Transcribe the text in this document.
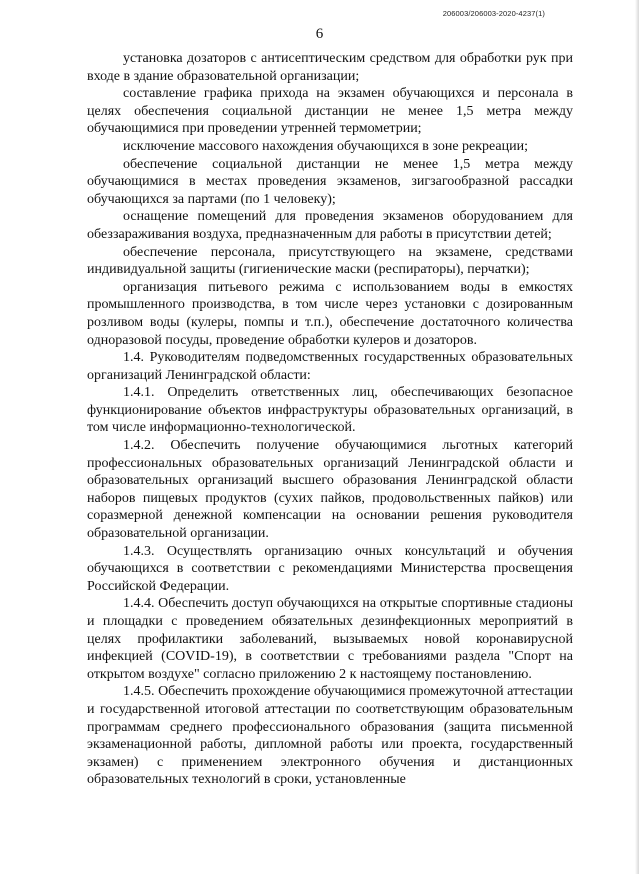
206003/206003-2020-4237(1)
6

установка дозаторов с антисептическим средством для обработки рук при входе в здание образовательной организации;

составление графика прихода на экзамен обучающихся и персонала в целях обеспечения социальной дистанции не менее 1,5 метра между обучающимися при проведении утренней термометрии;

исключение массового нахождения обучающихся в зоне рекреации;

обеспечение социальной дистанции не менее 1,5 метра между обучающимися в местах проведения экзаменов, зигзагообразной рассадки обучающихся за партами (по 1 человеку);

оснащение помещений для проведения экзаменов оборудованием для обеззараживания воздуха, предназначенным для работы в присутствии детей;

обеспечение персонала, присутствующего на экзамене, средствами индивидуальной защиты (гигиенические маски (респираторы), перчатки);

организация питьевого режима с использованием воды в емкостях промышленного производства, в том числе через установки с дозированным розливом воды (кулеры, помпы и т.п.), обеспечение достаточного количества одноразовой посуды, проведение обработки кулеров и дозаторов.

1.4. Руководителям подведомственных государственных образовательных организаций Ленинградской области:

1.4.1. Определить ответственных лиц, обеспечивающих безопасное функционирование объектов инфраструктуры образовательных организаций, в том числе информационно-технологической.

1.4.2. Обеспечить получение обучающимися льготных категорий профессиональных образовательных организаций Ленинградской области и образовательных организаций высшего образования Ленинградской области наборов пищевых продуктов (сухих пайков, продовольственных пайков) или соразмерной денежной компенсации на основании решения руководителя образовательной организации.

1.4.3. Осуществлять организацию очных консультаций и обучения обучающихся в соответствии с рекомендациями Министерства просвещения Российской Федерации.

1.4.4. Обеспечить доступ обучающихся на открытые спортивные стадионы и площадки с проведением обязательных дезинфекционных мероприятий в целях профилактики заболеваний, вызываемых новой коронавирусной инфекцией (COVID-19), в соответствии с требованиями раздела "Спорт на открытом воздухе" согласно приложению 2 к настоящему постановлению.

1.4.5. Обеспечить прохождение обучающимися промежуточной аттестации и государственной итоговой аттестации по соответствующим образовательным программам среднего профессионального образования (защита письменной экзаменационной работы, дипломной работы или проекта, государственный экзамен) с применением электронного обучения и дистанционных образовательных технологий в сроки, установленные
